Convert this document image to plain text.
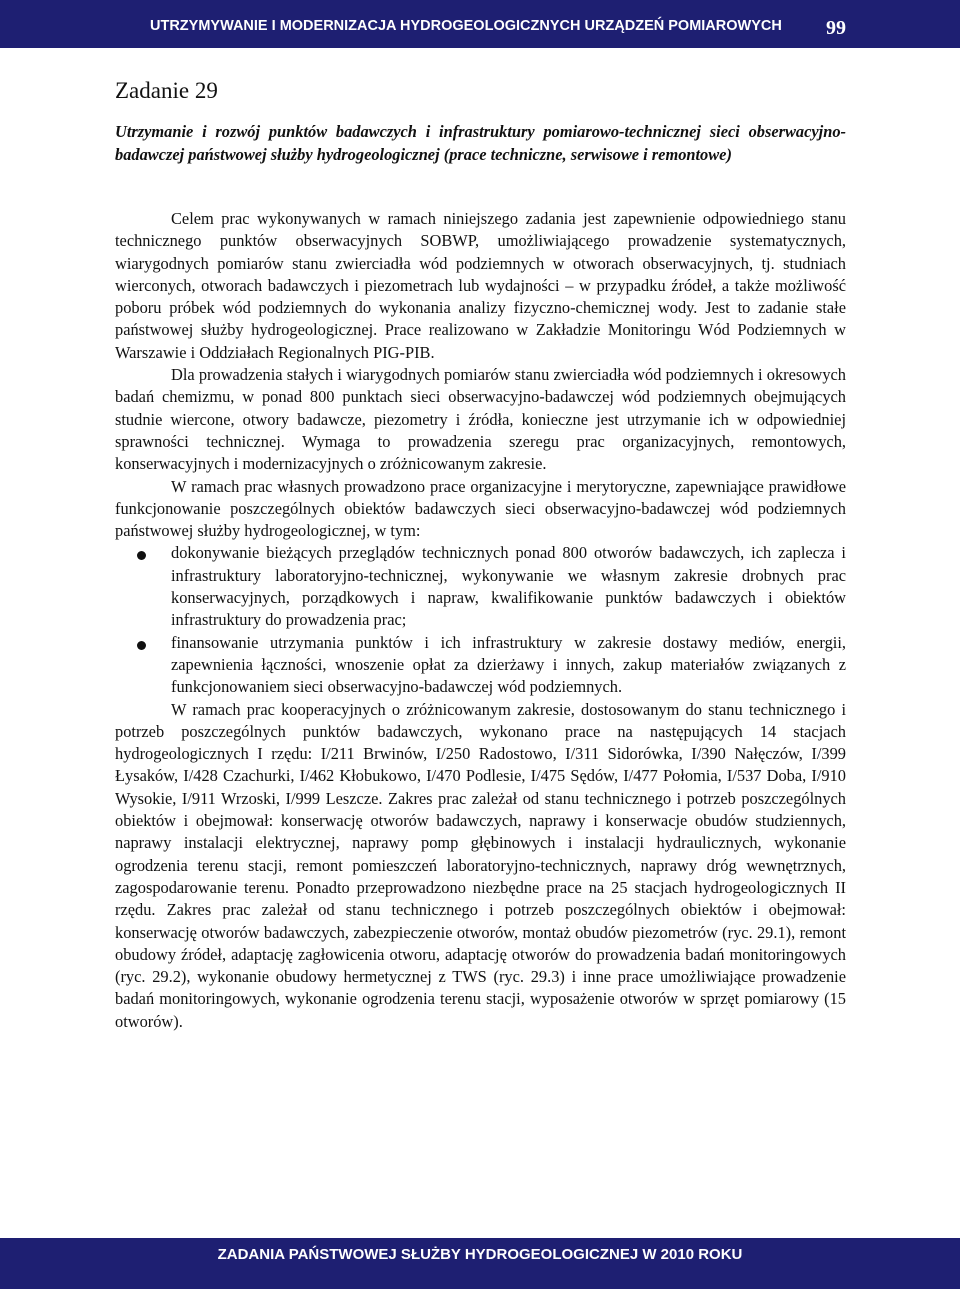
UTRZYMYWANIE I MODERNIZACJA HYDROGEOLOGICZNYCH URZĄDZEŃ POMIAROWYCH 99
Zadanie 29
Utrzymanie i rozwój punktów badawczych i infrastruktury pomiarowo-technicznej sieci obserwacyjno-badawczej państwowej służby hydrogeologicznej (prace techniczne, serwisowe i remontowe)

Celem prac wykonywanych w ramach niniejszego zadania jest zapewnienie odpowiedniego stanu technicznego punktów obserwacyjnych SOBWP, umożliwiającego prowadzenie systematycznych, wiarygodnych pomiarów stanu zwierciadła wód podziemnych w otworach obserwacyjnych, tj. studniach wierconych, otworach badawczych i piezometrach lub wydajności – w przypadku źródeł, a także możliwość poboru próbek wód podziemnych do wykonania analizy fizyczno-chemicznej wody. Jest to zadanie stałe państwowej służby hydrogeologicznej. Prace realizowano w Zakładzie Monitoringu Wód Podziemnych w Warszawie i Oddziałach Regionalnych PIG-PIB.

Dla prowadzenia stałych i wiarygodnych pomiarów stanu zwierciadła wód podziemnych i okresowych badań chemizmu, w ponad 800 punktach sieci obserwacyjno-badawczej wód podziemnych obejmujących studnie wiercone, otwory badawcze, piezometry i źródła, konieczne jest utrzymanie ich w odpowiedniej sprawności technicznej. Wymaga to prowadzenia szeregu prac organizacyjnych, remontowych, konserwacyjnych i modernizacyjnych o zróżnicowanym zakresie.

W ramach prac własnych prowadzono prace organizacyjne i merytoryczne, zapewniające prawidłowe funkcjonowanie poszczególnych obiektów badawczych sieci obserwacyjno-badawczej wód podziemnych państwowej służby hydrogeologicznej, w tym:

dokonywanie bieżących przeglądów technicznych ponad 800 otworów badawczych, ich zaplecza i infrastruktury laboratoryjno-technicznej, wykonywanie we własnym zakresie drobnych prac konserwacyjnych, porządkowych i napraw, kwalifikowanie punktów badawczych i obiektów infrastruktury do prowadzenia prac;
finansowanie utrzymania punktów i ich infrastruktury w zakresie dostawy mediów, energii, zapewnienia łączności, wnoszenie opłat za dzierżawy i innych, zakup materiałów związanych z funkcjonowaniem sieci obserwacyjno-badawczej wód podziemnych.

W ramach prac kooperacyjnych o zróżnicowanym zakresie, dostosowanym do stanu technicznego i potrzeb poszczególnych punktów badawczych, wykonano prace na następujących 14 stacjach hydrogeologicznych I rzędu: I/211 Brwinów, I/250 Radostowo, I/311 Sidorówka, I/390 Nałęczów, I/399 Łysaków, I/428 Czachurki, I/462 Kłobukowo, I/470 Podlesie, I/475 Sędów, I/477 Połomia, I/537 Doba, I/910 Wysokie, I/911 Wrzoski, I/999 Leszcze. Zakres prac zależał od stanu technicznego i potrzeb poszczególnych obiektów i obejmował: konserwację otworów badawczych, naprawy i konserwacje obudów studziennych, naprawy instalacji elektrycznej, naprawy pomp głębinowych i instalacji hydraulicznych, wykonanie ogrodzenia terenu stacji, remont pomieszczeń laboratoryjno-technicznych, naprawy dróg wewnętrznych, zagospodarowanie terenu. Ponadto przeprowadzono niezbędne prace na 25 stacjach hydrogeologicznych II rzędu. Zakres prac zależał od stanu technicznego i potrzeb poszczególnych obiektów i obejmował: konserwację otworów badawczych, zabezpieczenie otworów, montaż obudów piezometrów (ryc. 29.1), remont obudowy źródeł, adaptację zagłowicenia otworu, adaptację otworów do prowadzenia badań monitoringowych (ryc. 29.2), wykonanie obudowy hermetycznej z TWS (ryc. 29.3) i inne prace umożliwiające prowadzenie badań monitoringowych, wykonanie ogrodzenia terenu stacji, wyposażenie otworów w sprzęt pomiarowy (15 otworów).

ZADANIA PAŃSTWOWEJ SŁUŻBY HYDROGEOLOGICZNEJ W 2010 ROKU
